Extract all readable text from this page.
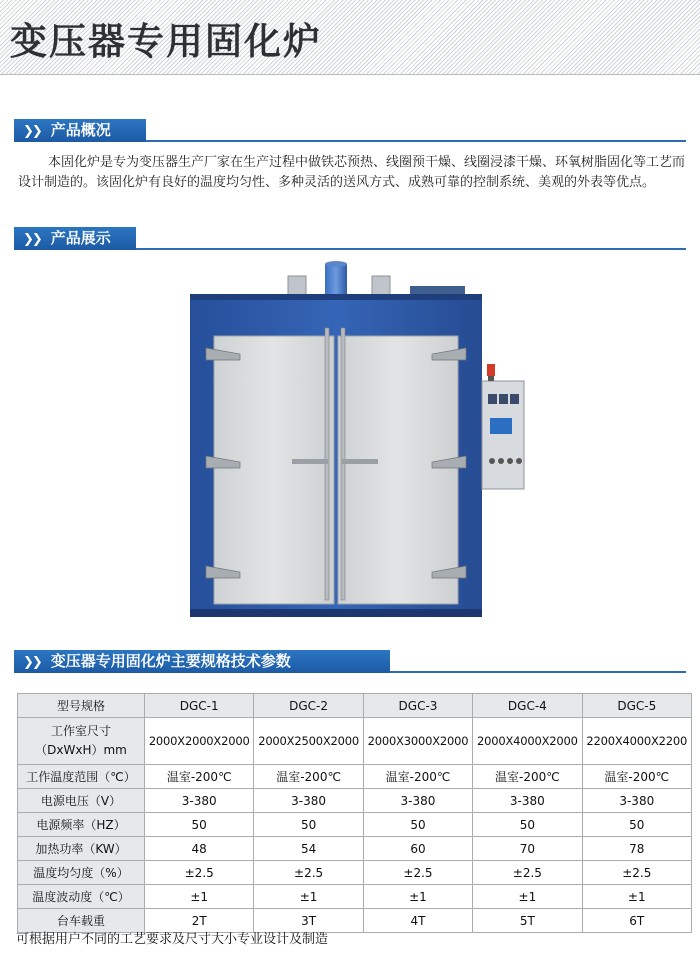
变压器专用固化炉
❯❯ 产品概况
本固化炉是专为变压器生产厂家在生产过程中做铁芯预热、线圈预干燥、线圈浸漆干燥、环氧树脂固化等工艺而设计制造的。该固化炉有良好的温度均匀性、多种灵活的送风方式、成熟可靠的控制系统、美观的外表等优点。
❯❯ 产品展示
❯❯ 变压器专用固化炉主要规格技术参数
型号规格	DGC-1	DGC-2	DGC-3	DGC-4	DGC-5

工作室尺寸
（DxWxH）mm	2000X2000X2000	2000X2500X2000	2000X3000X2000	2000X4000X2000	2200X4000X2200
工作温度范围（℃）	温室-200℃	温室-200℃	温室-200℃	温室-200℃	温室-200℃
电源电压（V）	3-380	3-380	3-380	3-380	3-380
电源频率（HZ）	50	50	50	50	50
加热功率（KW）	48	54	60	70	78
温度均匀度（%）	±2.5	±2.5	±2.5	±2.5	±2.5
温度波动度（℃）	±1	±1	±1	±1	±1
台车载重	2T	3T	4T	5T	6T
可根据用户不同的工艺要求及尺寸大小专业设计及制造
